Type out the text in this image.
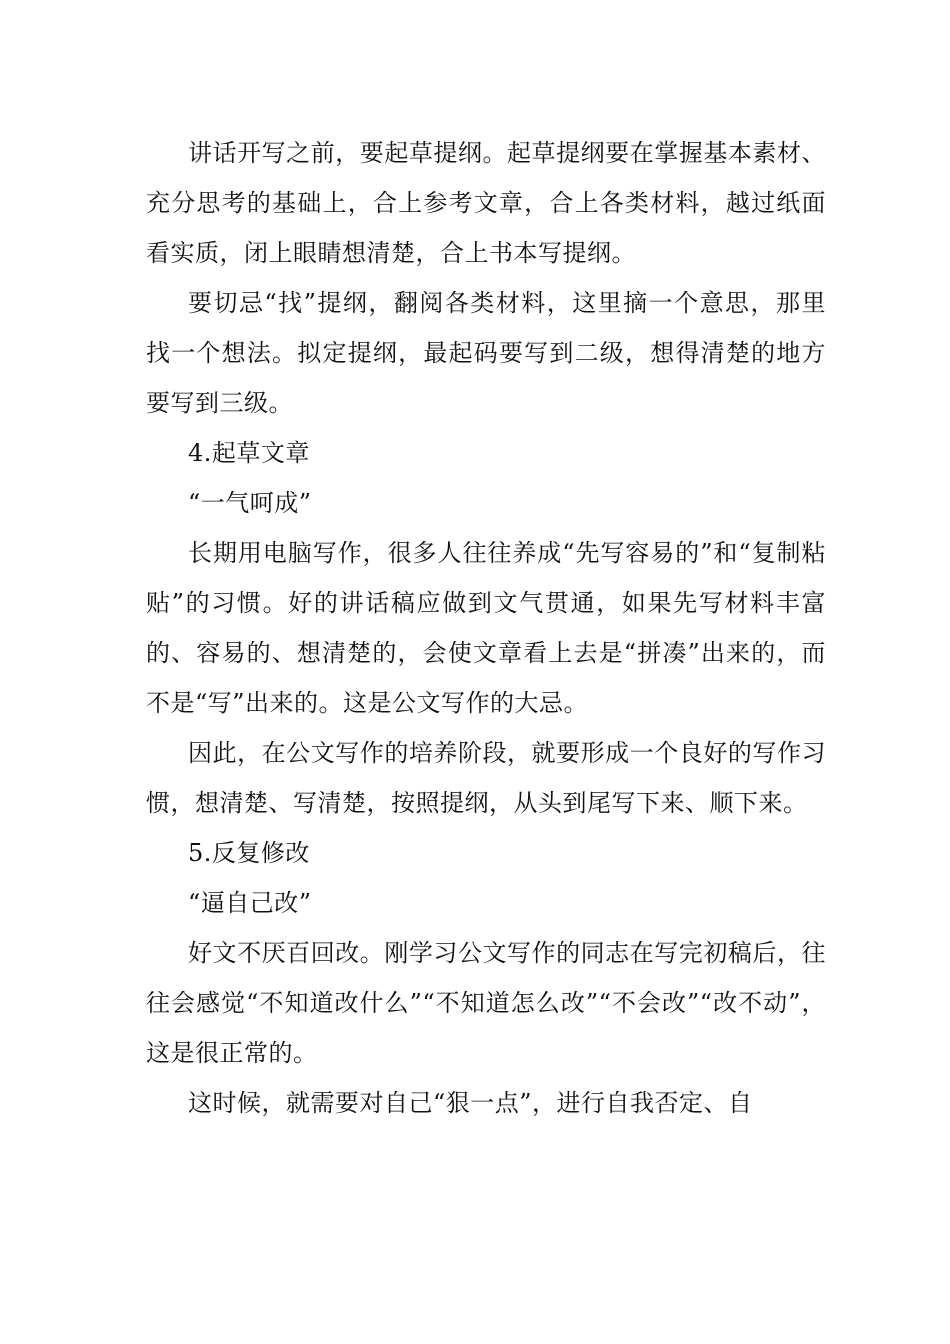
讲话开写之前，要起草提纲。起草提纲要在掌握基本素材、充分思考的基础上，合上参考文章，合上各类材料，越过纸面看实质，闭上眼睛想清楚，合上书本写提纲。

要切忌“找”提纲，翻阅各类材料，这里摘一个意思，那里找一个想法。拟定提纲，最起码要写到二级，想得清楚的地方要写到三级。

4.起草文章

“一气呵成”

长期用电脑写作，很多人往往养成“先写容易的”和“复制粘贴”的习惯。好的讲话稿应做到文气贯通，如果先写材料丰富的、容易的、想清楚的，会使文章看上去是“拼凑”出来的，而不是“写”出来的。这是公文写作的大忌。

因此，在公文写作的培养阶段，就要形成一个良好的写作习惯，想清楚、写清楚，按照提纲，从头到尾写下来、顺下来。

5.反复修改

“逼自己改”

好文不厌百回改。刚学习公文写作的同志在写完初稿后，往往会感觉“不知道改什么”“不知道怎么改”“不会改”“改不动”，这是很正常的。

这时候，就需要对自己“狠一点”，进行自我否定、自
